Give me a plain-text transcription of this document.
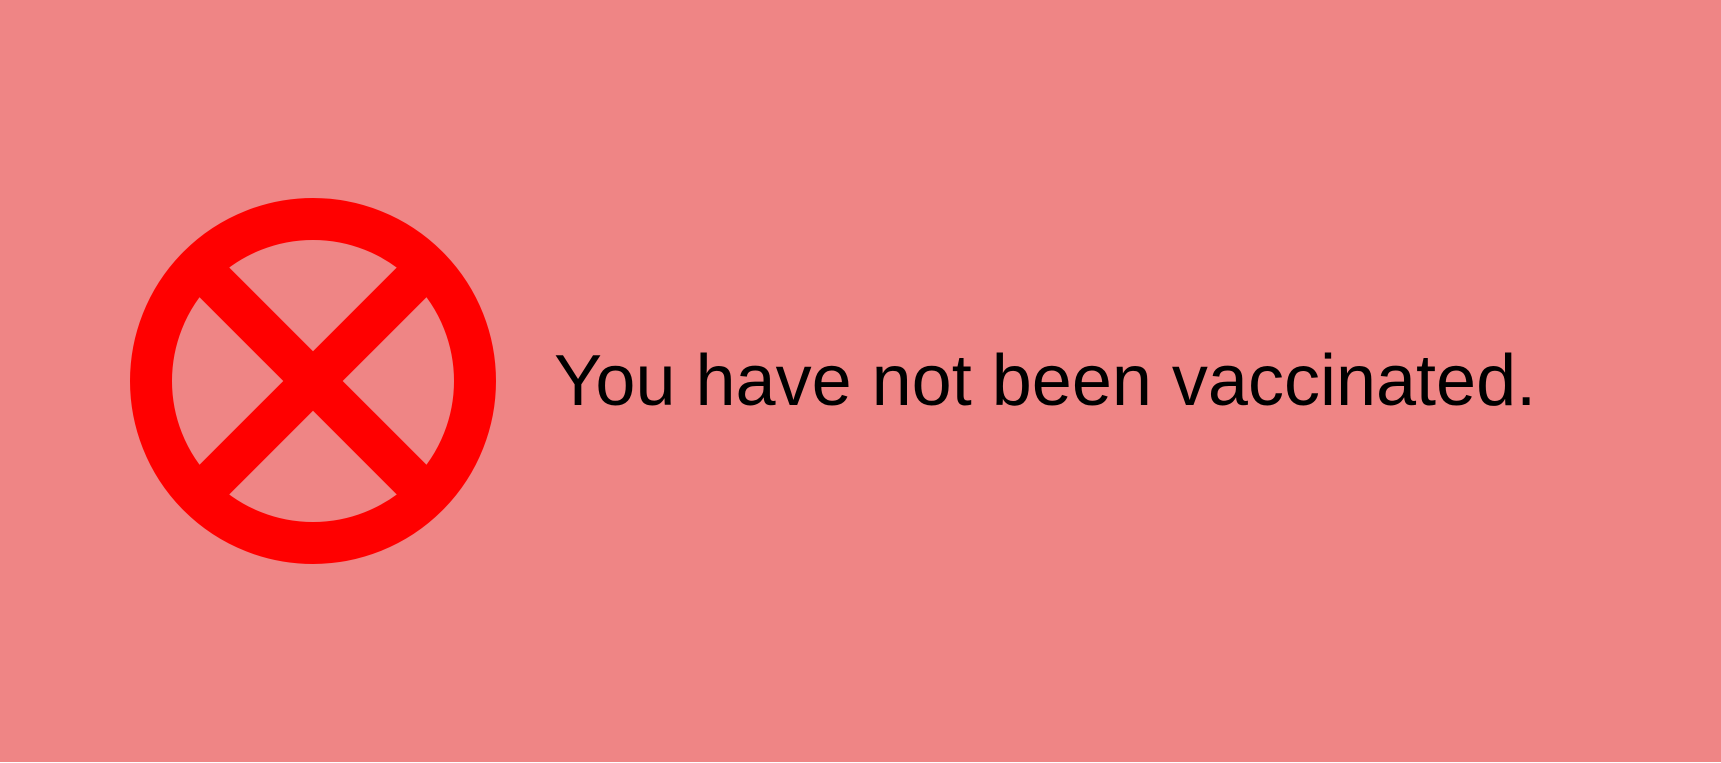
You have not been vaccinated.
